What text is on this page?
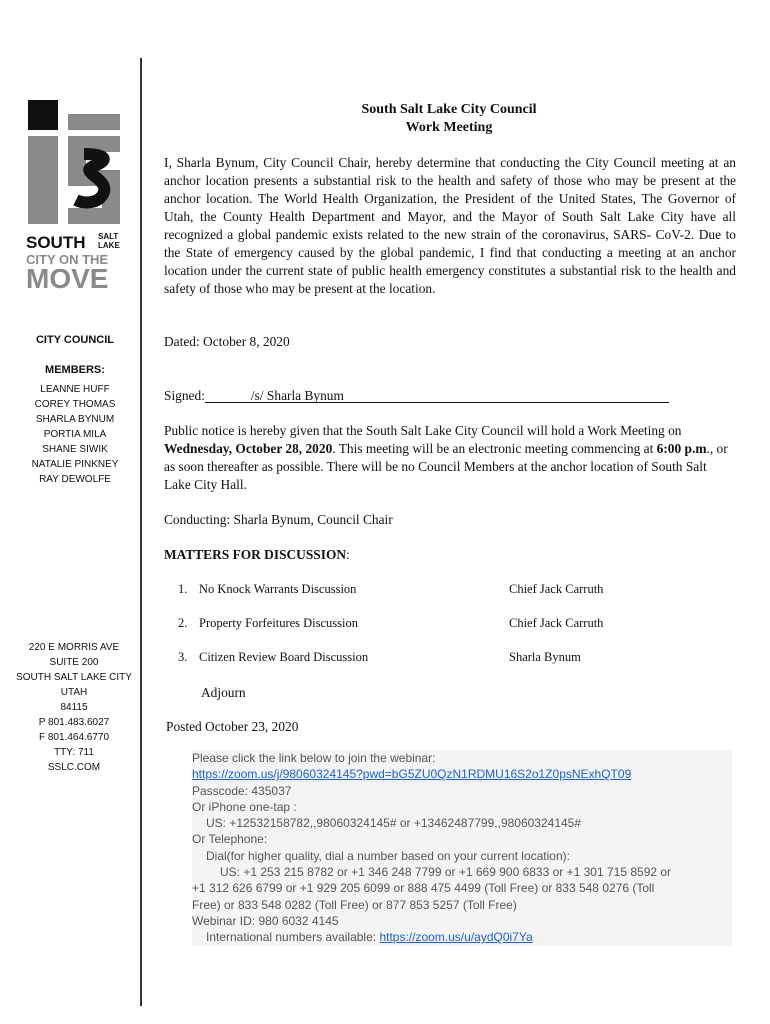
SOUTH SALT
LAKE
CITY ON THE
MOVE
CITY COUNCIL
MEMBERS:
LEANNE HUFF
COREY THOMAS
SHARLA BYNUM
PORTIA MILA
SHANE SIWIK
NATALIE PINKNEY
RAY DEWOLFE
220 E MORRIS AVE
SUITE 200
SOUTH SALT LAKE CITY
UTAH
84115
P 801.483.6027
F 801.464.6770
TTY: 711
SSLC.COM
South Salt Lake City Council
Work Meeting
I, Sharla Bynum, City Council Chair, hereby determine that conducting the City Council meeting at an anchor location presents a substantial risk to the health and safety of those who may be present at the anchor location. The World Health Organization, the President of the United States, The Governor of Utah, the County Health Department and Mayor, and the Mayor of South Salt Lake City have all recognized a global pandemic exists related to the new strain of the coronavirus, SARS- CoV-2. Due to the State of emergency caused by the global pandemic, I find that conducting a meeting at an anchor location under the current state of public health emergency constitutes a substantial risk to the health and safety of those who may be present at the location.
Dated: October 8, 2020
Signed:	/s/ Sharla Bynum
Public notice is hereby given that the South Salt Lake City Council will hold a Work Meeting on Wednesday, October 28, 2020. This meeting will be an electronic meeting commencing at 6:00 p.m., or as soon thereafter as possible. There will be no Council Members at the anchor location of South Salt Lake City Hall.
Conducting: Sharla Bynum, Council Chair
MATTERS FOR DISCUSSION:
1. No Knock Warrants Discussion	Chief Jack Carruth
2. Property Forfeitures Discussion	Chief Jack Carruth
3. Citizen Review Board Discussion	Sharla Bynum
Adjourn
Posted October 23, 2020
Please click the link below to join the webinar:
https://zoom.us/j/98060324145?pwd=bG5ZU0QzN1RDMU16S2o1Z0psNExhQT09
Passcode: 435037
Or iPhone one-tap :
US: +12532158782,,98060324145# or +13462487799,,98060324145#
Or Telephone:
Dial(for higher quality, dial a number based on your current location):
US: +1 253 215 8782 or +1 346 248 7799 or +1 669 900 6833 or +1 301 715 8592 or
+1 312 626 6799 or +1 929 205 6099 or 888 475 4499 (Toll Free) or 833 548 0276 (Toll
Free) or 833 548 0282 (Toll Free) or 877 853 5257 (Toll Free)
Webinar ID: 980 6032 4145
International numbers available: https://zoom.us/u/aydQ0i7Ya
